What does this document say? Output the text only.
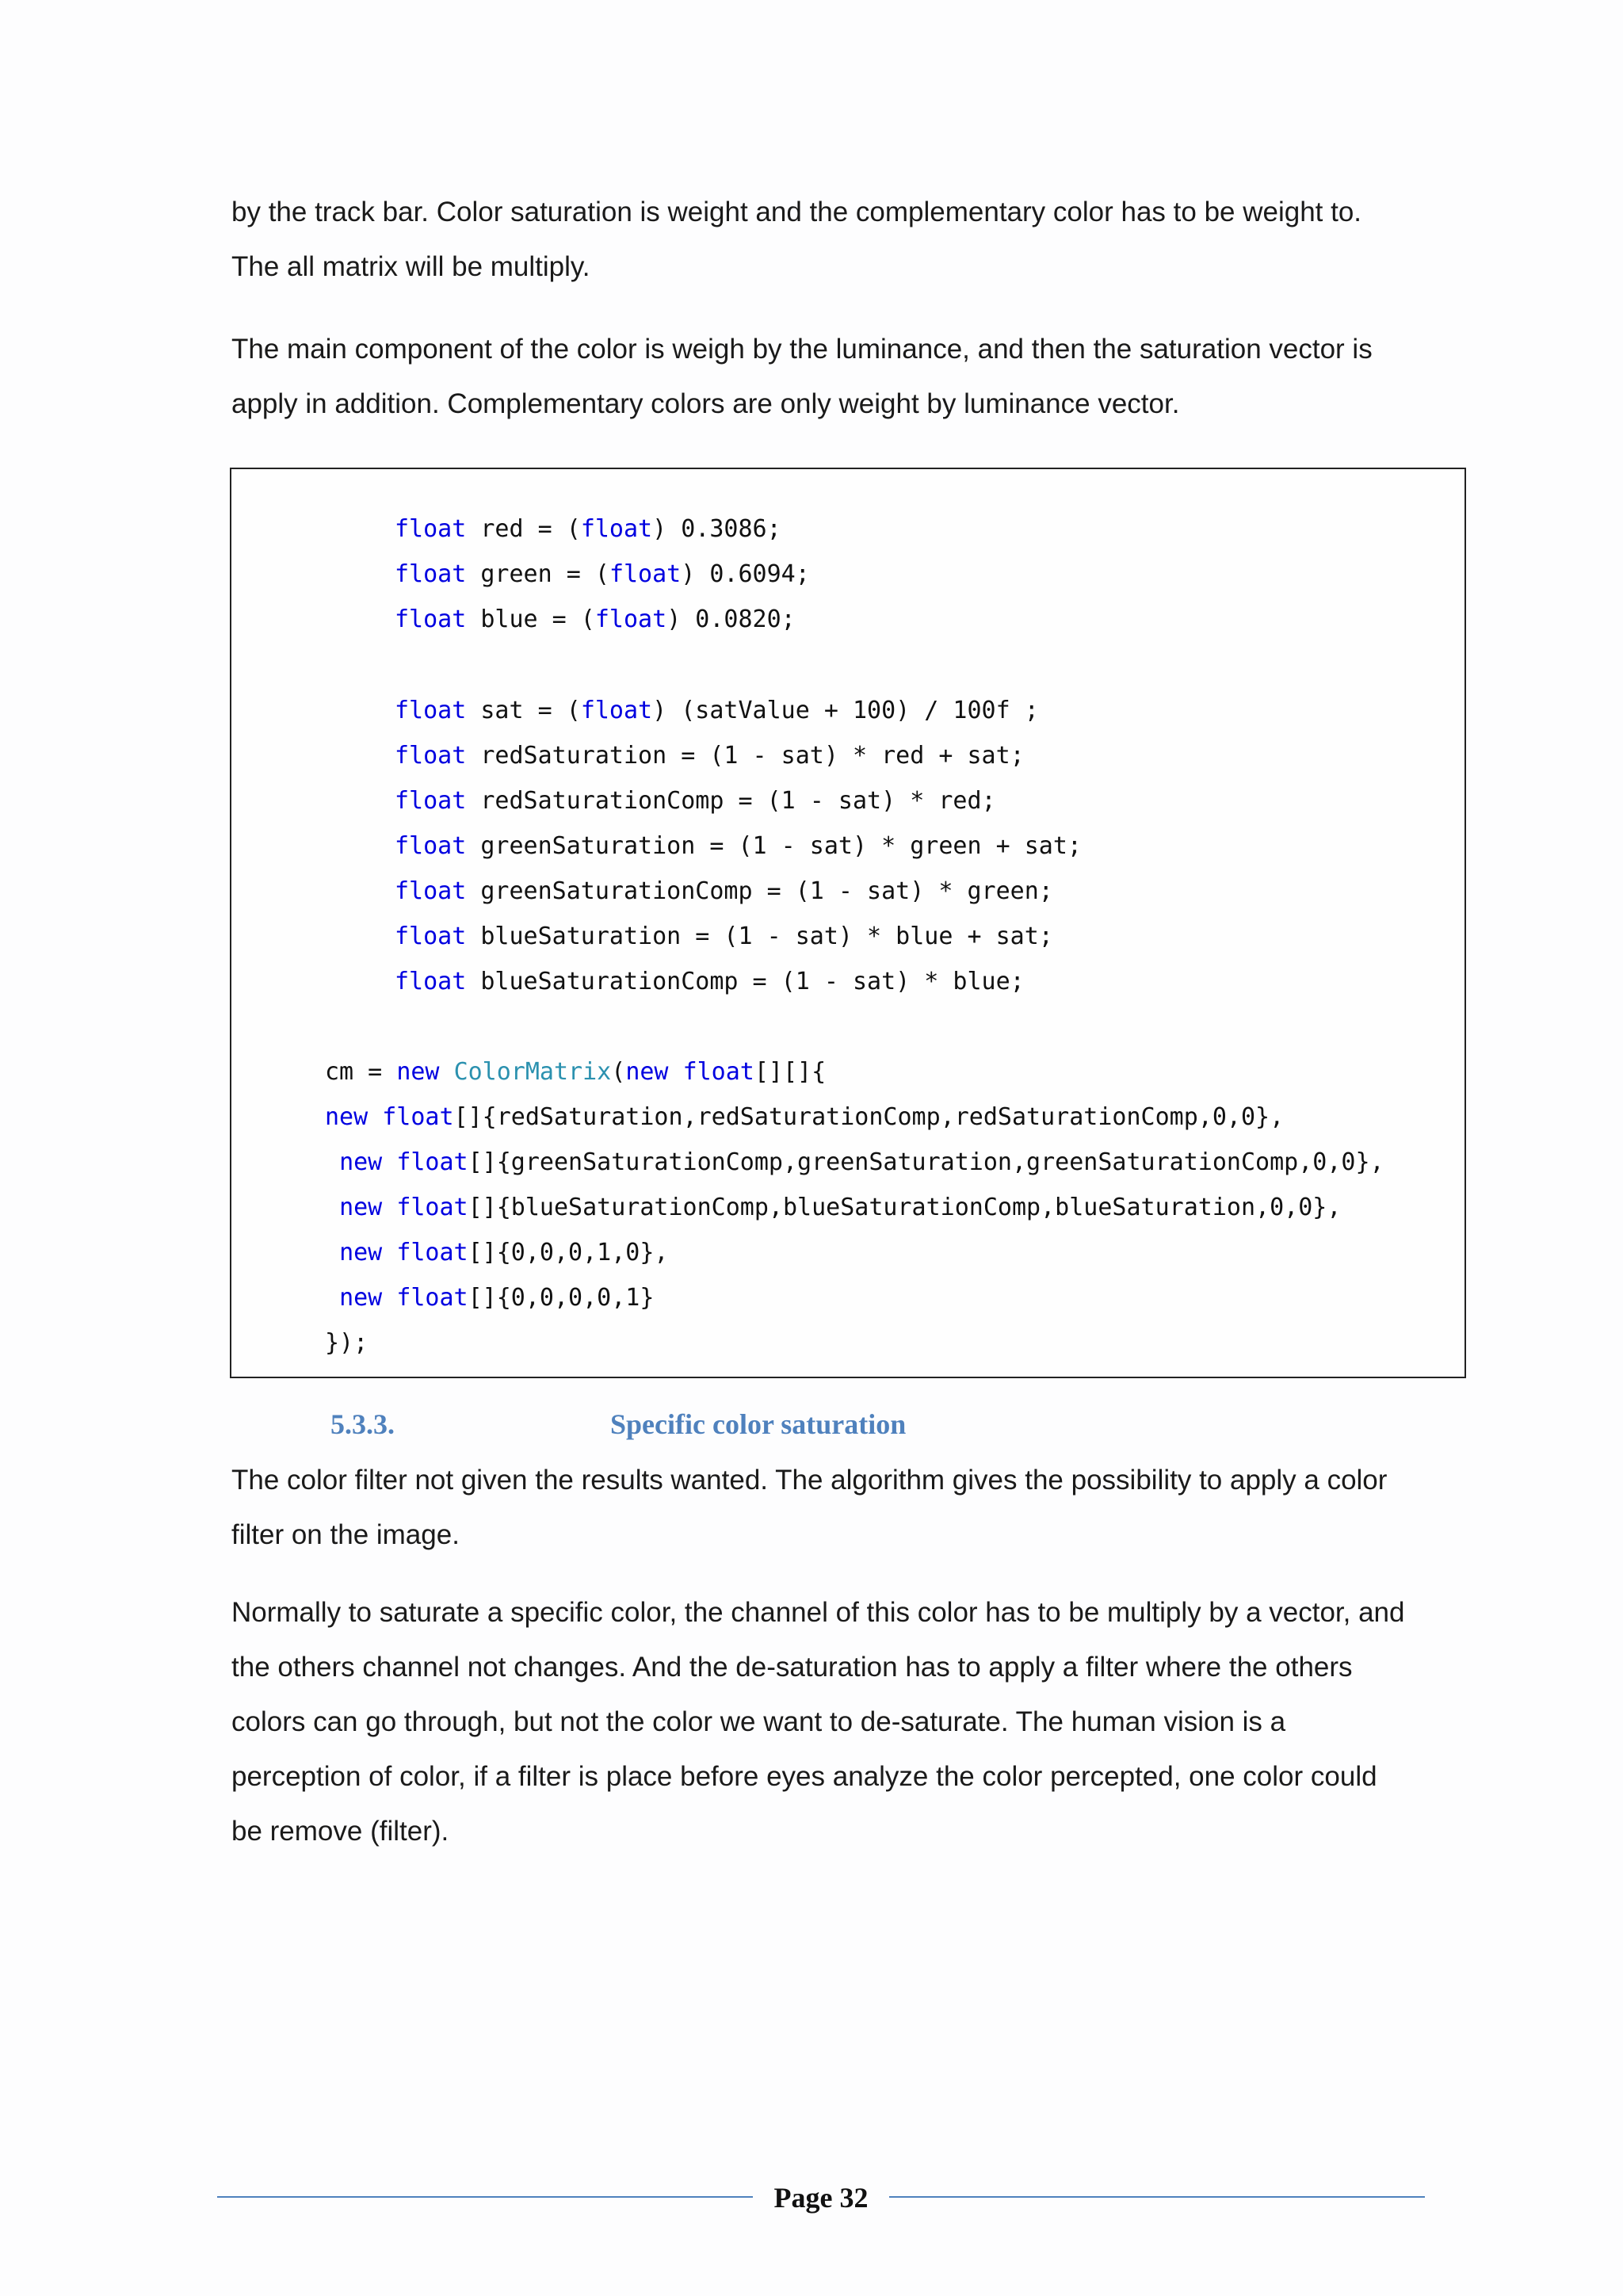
by the track bar. Color saturation is weight and the complementary color has to be weight to.
The all matrix will be multiply.

The main component of the color is weigh by the luminance, and then the saturation vector is
apply in addition. Complementary colors are only weight by luminance vector.

float red = (float) 0.3086;
float green = (float) 0.6094;
float blue = (float) 0.0820;
float sat = (float) (satValue + 100) / 100f ;
float redSaturation = (1 - sat) * red + sat;
float redSaturationComp = (1 - sat) * red;
float greenSaturation = (1 - sat) * green + sat;
float greenSaturationComp = (1 - sat) * green;
float blueSaturation = (1 - sat) * blue + sat;
float blueSaturationComp = (1 - sat) * blue;
cm = new ColorMatrix(new float[][]{
new float[]{redSaturation,redSaturationComp,redSaturationComp,0,0},
new float[]{greenSaturationComp,greenSaturation,greenSaturationComp,0,0},
new float[]{blueSaturationComp,blueSaturationComp,blueSaturation,0,0},
new float[]{0,0,0,1,0},
new float[]{0,0,0,0,1}
});
5.3.3.	Specific color saturation

The color filter not given the results wanted. The algorithm gives the possibility to apply a color
filter on the image.

Normally to saturate a specific color, the channel of this color has to be multiply by a vector, and
the others channel not changes. And the de-saturation has to apply a filter where the others
colors can go through, but not the color we want to de-saturate. The human vision is a
perception of color, if a filter is place before eyes analyze the color percepted, one color could
be remove (filter).

Page 32
